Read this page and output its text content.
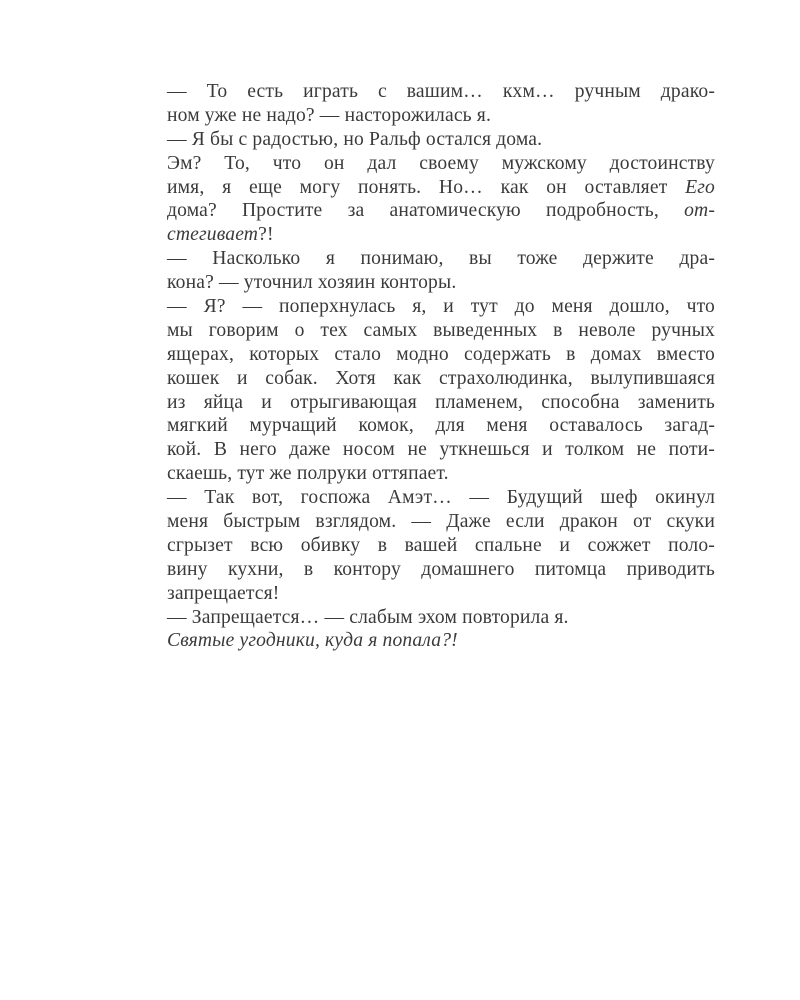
— То есть играть с вашим… кхм… ручным драко-
ном уже не надо? — насторожилась я.
— Я бы с радостью, но Ральф остался дома.
Эм? То, что он дал своему мужскому достоинству
имя, я еще могу понять. Но… как он оставляет Его
дома? Простите за анатомическую подробность, от-
стегивает?!
— Насколько я понимаю, вы тоже держите дра-
кона? — уточнил хозяин конторы.
— Я? — поперхнулась я, и тут до меня дошло, что
мы говорим о тех самых выведенных в неволе ручных
ящерах, которых стало модно содержать в домах вместо
кошек и собак. Хотя как страхолюдинка, вылупившаяся
из яйца и отрыгивающая пламенем, способна заменить
мягкий мурчащий комок, для меня оставалось загад-
кой. В него даже носом не уткнешься и толком не поти-
скаешь, тут же полруки оттяпает.
— Так вот, госпожа Амэт… — Будущий шеф окинул
меня быстрым взглядом. — Даже если дракон от скуки
сгрызет всю обивку в вашей спальне и сожжет поло-
вину кухни, в контору домашнего питомца приводить
запрещается!
— Запрещается… — слабым эхом повторила я.
Святые угодники, куда я попала?!
